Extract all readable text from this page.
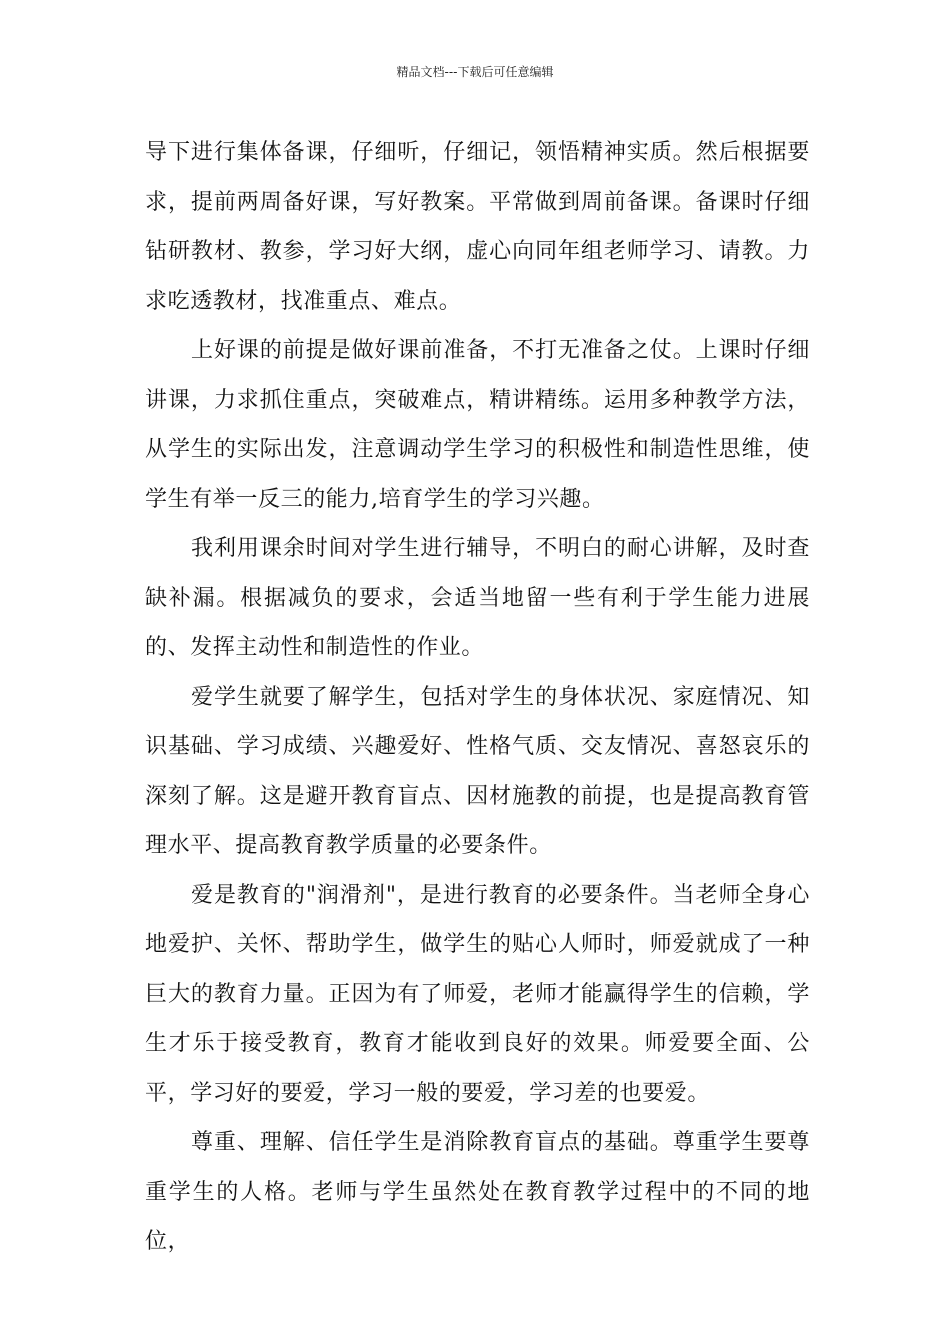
精品文档---下载后可任意编辑

导下进行集体备课，仔细听，仔细记，领悟精神实质。然后根据要求，提前两周备好课，写好教案。平常做到周前备课。备课时仔细钻研教材、教参，学习好大纲，虚心向同年组老师学习、请教。力求吃透教材，找准重点、难点。

上好课的前提是做好课前准备，不打无准备之仗。上课时仔细讲课，力求抓住重点，突破难点，精讲精练。运用多种教学方法，从学生的实际出发，注意调动学生学习的积极性和制造性思维，使学生有举一反三的能力,培育学生的学习兴趣。

我利用课余时间对学生进行辅导，不明白的耐心讲解，及时查缺补漏。根据减负的要求，会适当地留一些有利于学生能力进展的、发挥主动性和制造性的作业。

爱学生就要了解学生，包括对学生的身体状况、家庭情况、知识基础、学习成绩、兴趣爱好、性格气质、交友情况、喜怒哀乐的深刻了解。这是避开教育盲点、因材施教的前提，也是提高教育管理水平、提高教育教学质量的必要条件。

爱是教育的"润滑剂"，是进行教育的必要条件。当老师全身心地爱护、关怀、帮助学生，做学生的贴心人师时，师爱就成了一种巨大的教育力量。正因为有了师爱，老师才能赢得学生的信赖，学生才乐于接受教育，教育才能收到良好的效果。师爱要全面、公平，学习好的要爱，学习一般的要爱，学习差的也要爱。

尊重、理解、信任学生是消除教育盲点的基础。尊重学生要尊重学生的人格。老师与学生虽然处在教育教学过程中的不同的地位，
